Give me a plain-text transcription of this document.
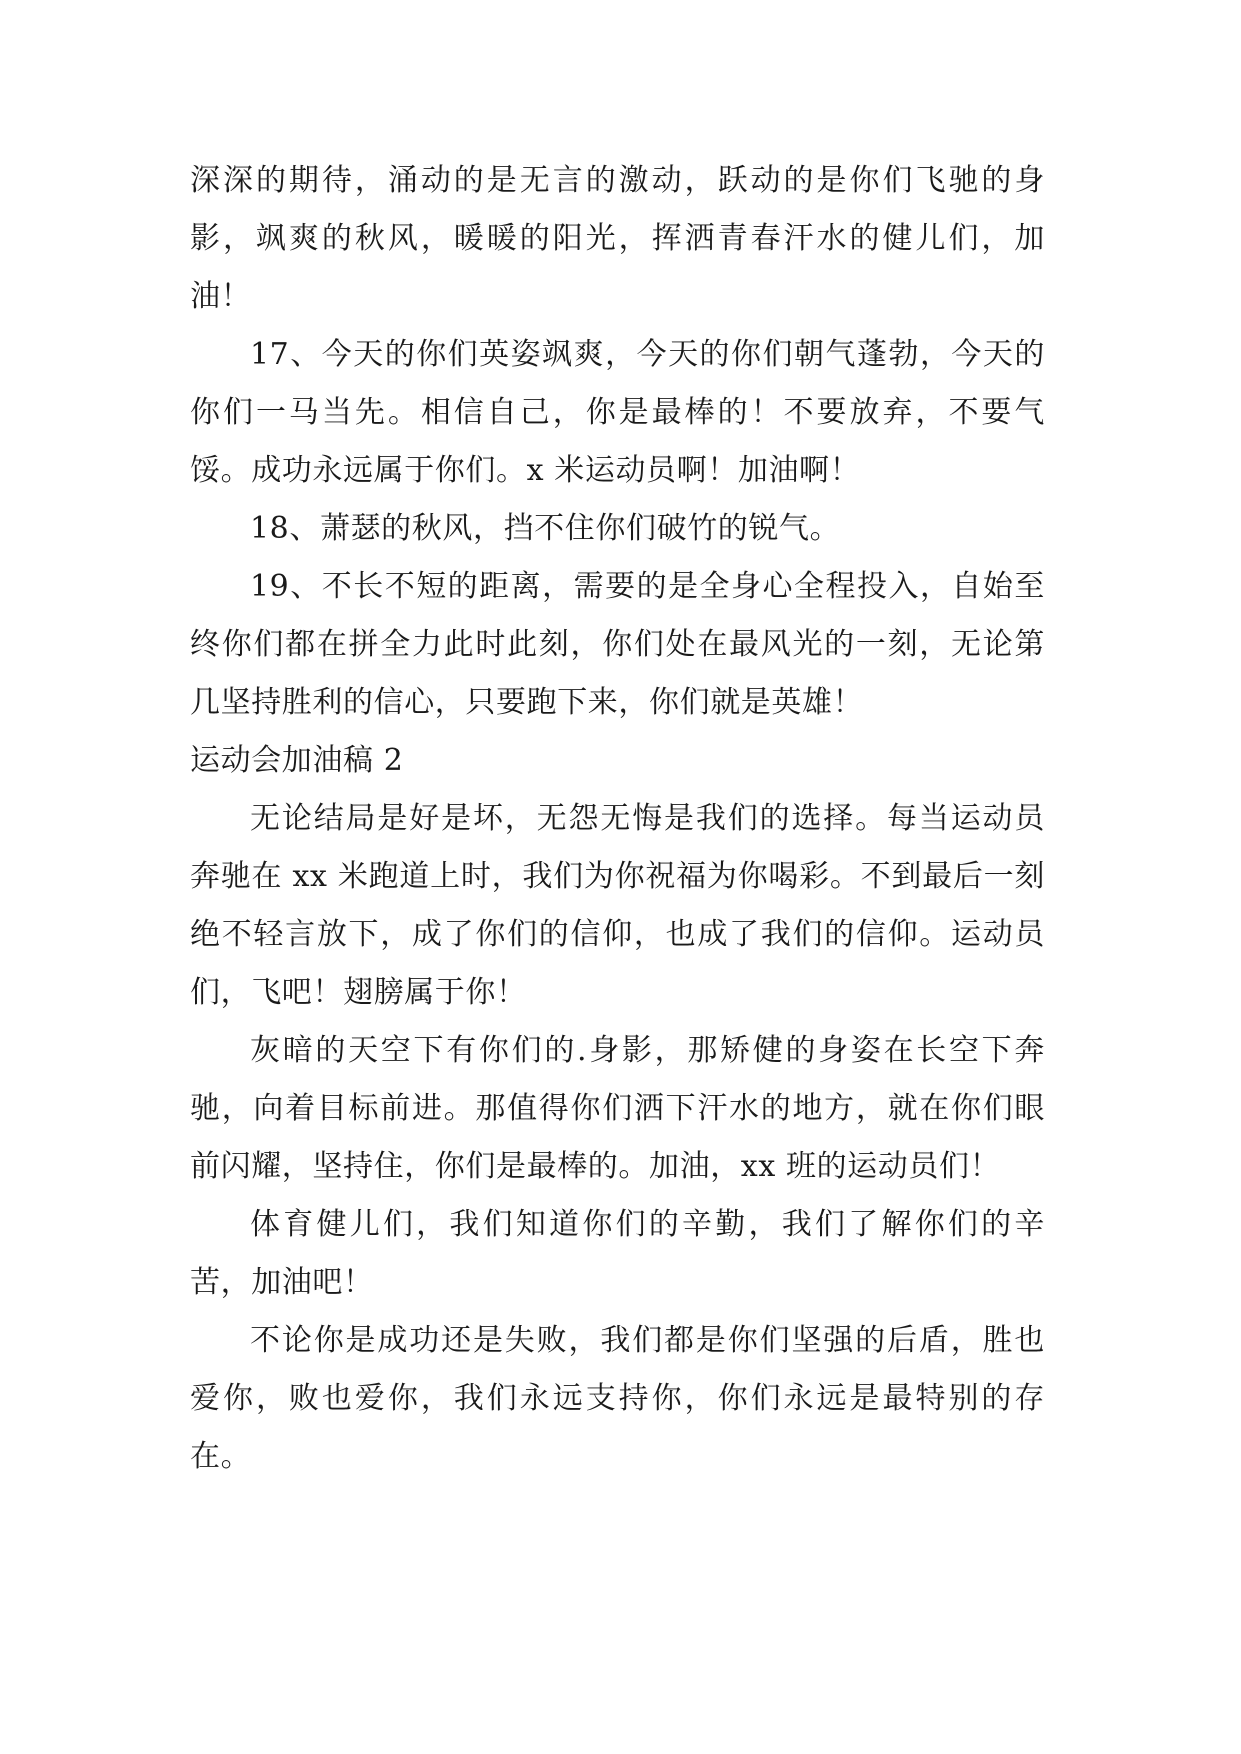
深深的期待，涌动的是无言的激动，跃动的是你们飞驰的身影，飒爽的秋风，暖暖的阳光，挥洒青春汗水的健儿们，加油！

17、今天的你们英姿飒爽，今天的你们朝气蓬勃，今天的你们一马当先。相信自己，你是最棒的！不要放弃，不要气馁。成功永远属于你们。x 米运动员啊！加油啊！

18、萧瑟的秋风，挡不住你们破竹的锐气。

19、不长不短的距离，需要的是全身心全程投入，自始至终你们都在拼全力此时此刻，你们处在最风光的一刻，无论第几坚持胜利的信心，只要跑下来，你们就是英雄！

运动会加油稿 2

无论结局是好是坏，无怨无悔是我们的选择。每当运动员奔驰在 xx 米跑道上时，我们为你祝福为你喝彩。不到最后一刻绝不轻言放下，成了你们的信仰，也成了我们的信仰。运动员们，飞吧！翅膀属于你！

灰暗的天空下有你们的.身影，那矫健的身姿在长空下奔驰，向着目标前进。那值得你们洒下汗水的地方，就在你们眼前闪耀，坚持住，你们是最棒的。加油，xx 班的运动员们！

体育健儿们，我们知道你们的辛勤，我们了解你们的辛苦，加油吧！

不论你是成功还是失败，我们都是你们坚强的后盾，胜也爱你，败也爱你，我们永远支持你，你们永远是最特别的存在。
